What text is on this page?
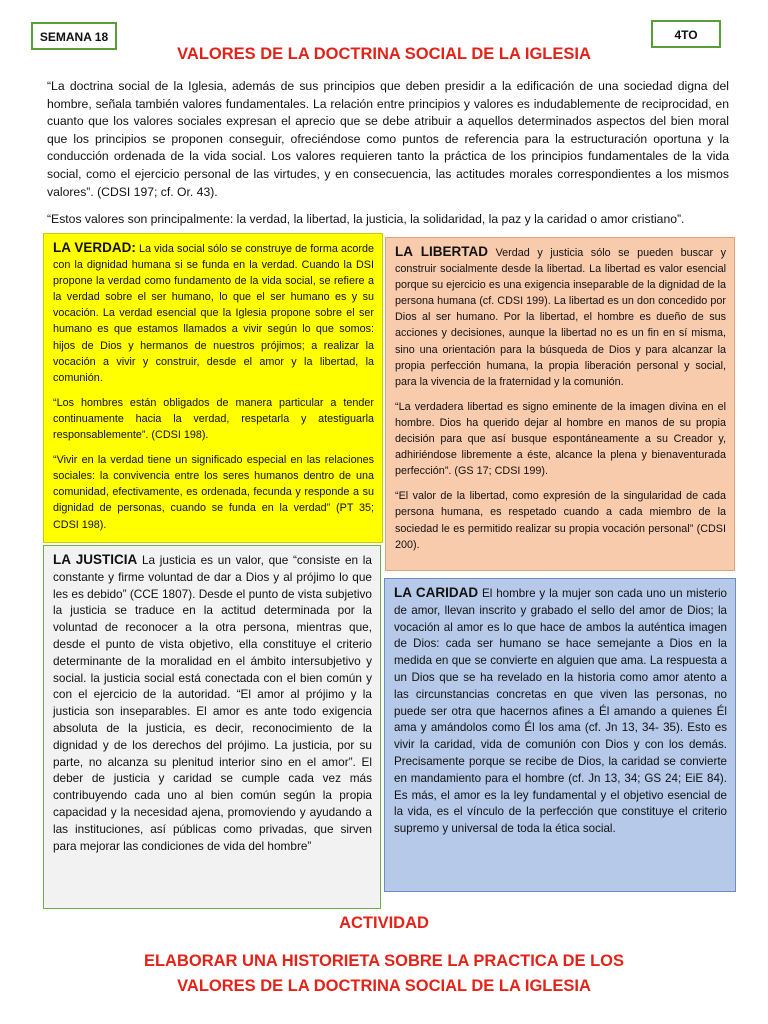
SEMANA 18	4TO
VALORES DE LA DOCTRINA SOCIAL DE LA IGLESIA

“La doctrina social de la Iglesia, además de sus principios que deben presidir a la edificación de una sociedad digna del hombre, señala también valores fundamentales. La relación entre principios y valores es indudablemente de reciprocidad, en cuanto que los valores sociales expresan el aprecio que se debe atribuir a aquellos determinados aspectos del bien moral que los principios se proponen conseguir, ofreciéndose como puntos de referencia para la estructuración oportuna y la conducción ordenada de la vida social. Los valores requieren tanto la práctica de los principios fundamentales de la vida social, como el ejercicio personal de las virtudes, y en consecuencia, las actitudes morales correspondientes a los mismos valores”. (CDSI 197; cf. Or. 43).

“Estos valores son principalmente: la verdad, la libertad, la justicia, la solidaridad, la paz y la caridad o amor cristiano”.

LA VERDAD: La vida social sólo se construye de forma acorde con la dignidad humana si se funda en la verdad. Cuando la DSI propone la verdad como fundamento de la vida social, se refiere a la verdad sobre el ser humano, lo que el ser humano es y su vocación. La verdad esencial que la Iglesia propone sobre el ser humano es que estamos llamados a vivir según lo que somos: hijos de Dios y hermanos de nuestros prójimos; a realizar la vocación a vivir y construir, desde el amor y la libertad, la comunión.

“Los hombres están obligados de manera particular a tender continuamente hacia la verdad, respetarla y atestiguarla responsablemente”. (CDSI 198).

“Vivir en la verdad tiene un significado especial en las relaciones sociales: la convivencia entre los seres humanos dentro de una comunidad, efectivamente, es ordenada, fecunda y responde a su dignidad de personas, cuando se funda en la verdad” (PT 35; CDSI 198).

LA LIBERTAD Verdad y justicia sólo se pueden buscar y construir socialmente desde la libertad. La libertad es valor esencial porque su ejercicio es una exigencia inseparable de la dignidad de la persona humana (cf. CDSI 199). La libertad es un don concedido por Dios al ser humano. Por la libertad, el hombre es dueño de sus acciones y decisiones, aunque la libertad no es un fin en sí misma, sino una orientación para la búsqueda de Dios y para alcanzar la propia perfección humana, la propia liberación personal y social, para la vivencia de la fraternidad y la comunión.

“La verdadera libertad es signo eminente de la imagen divina en el hombre. Dios ha querido dejar al hombre en manos de su propia decisión para que así busque espontáneamente a su Creador y, adhiriéndose libremente a éste, alcance la plena y bienaventurada perfección”. (GS 17; CDSI 199).

“El valor de la libertad, como expresión de la singularidad de cada persona humana, es respetado cuando a cada miembro de la sociedad le es permitido realizar su propia vocación personal” (CDSI 200).

LA JUSTICIA La justicia es un valor, que “consiste en la constante y firme voluntad de dar a Dios y al prójimo lo que les es debido” (CCE 1807). Desde el punto de vista subjetivo la justicia se traduce en la actitud determinada por la voluntad de reconocer a la otra persona, mientras que, desde el punto de vista objetivo, ella constituye el criterio determinante de la moralidad en el ámbito intersubjetivo y social. la justicia social está conectada con el bien común y con el ejercicio de la autoridad. “El amor al prójimo y la justicia son inseparables. El amor es ante todo exigencia absoluta de la justicia, es decir, reconocimiento de la dignidad y de los derechos del prójimo. La justicia, por su parte, no alcanza su plenitud interior sino en el amor”. El deber de justicia y caridad se cumple cada vez más contribuyendo cada uno al bien común según la propia capacidad y la necesidad ajena, promoviendo y ayudando a las instituciones, así públicas como privadas, que sirven para mejorar las condiciones de vida del hombre”

LA CARIDAD El hombre y la mujer son cada uno un misterio de amor, llevan inscrito y grabado el sello del amor de Dios; la vocación al amor es lo que hace de ambos la auténtica imagen de Dios: cada ser humano se hace semejante a Dios en la medida en que se convierte en alguien que ama. La respuesta a un Dios que se ha revelado en la historia como amor atento a las circunstancias concretas en que viven las personas, no puede ser otra que hacernos afines a Él amando a quienes Él ama y amándolos como Él los ama (cf. Jn 13, 34- 35). Esto es vivir la caridad, vida de comunión con Dios y con los demás. Precisamente porque se recibe de Dios, la caridad se convierte en mandamiento para el hombre (cf. Jn 13, 34; GS 24; EiE 84). Es más, el amor es la ley fundamental y el objetivo esencial de la vida, es el vínculo de la perfección que constituye el criterio supremo y universal de toda la ética social.

ACTIVIDAD
ELABORAR UNA HISTORIETA SOBRE LA PRACTICA DE LOS
VALORES DE LA DOCTRINA SOCIAL DE LA IGLESIA
